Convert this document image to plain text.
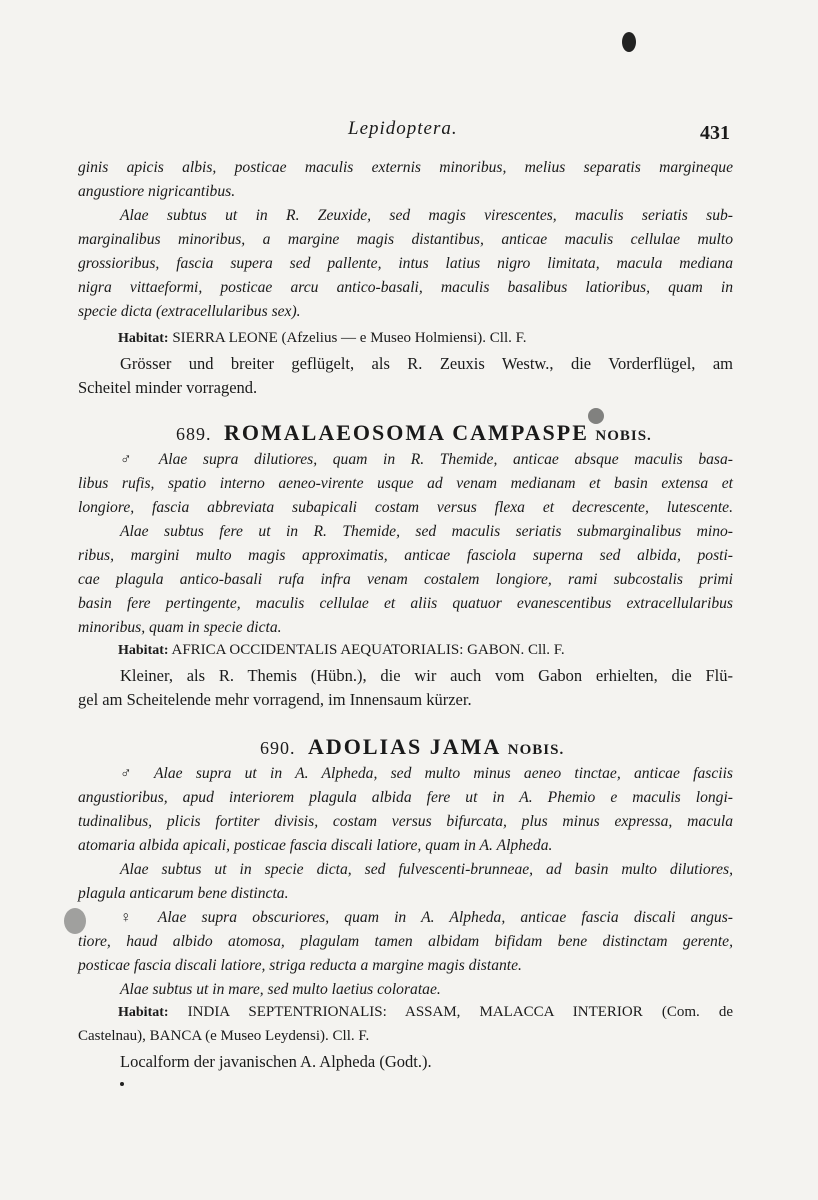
Lepidoptera.	431
ginis apicis albis, posticae maculis externis minoribus, melius separatis margineque
angustiore nigricantibus.
Alae subtus ut in R. Zeuxide, sed magis virescentes, maculis seriatis sub-
marginalibus minoribus, a margine magis distantibus, anticae maculis cellulae multo
grossioribus, fascia supera sed pallente, intus latius nigro limitata, macula mediana
nigra vittaeformi, posticae arcu antico-basali, maculis basalibus latioribus, quam in
specie dicta (extracellularibus sex).
Habitat: SIERRA LEONE (Afzelius — e Museo Holmiensi). Cll. F.
Grösser und breiter geflügelt, als R. Zeuxis Westw., die Vorderflügel, am
Scheitel minder vorragend.
689. ROMALAEOSOMA CAMPASPE NOBIS.
♂ Alae supra dilutiores, quam in R. Themide, anticae absque maculis basa-
libus rufis, spatio interno aeneo-virente usque ad venam medianam et basin extensa et
longiore, fascia abbreviata subapicali costam versus flexa et decrescente, lutescente.
Alae subtus fere ut in R. Themide, sed maculis seriatis submarginalibus mino-
ribus, margini multo magis approximatis, anticae fasciola superna sed albida, posti-
cae plagula antico-basali rufa infra venam costalem longiore, rami subcostalis primi
basin fere pertingente, maculis cellulae et aliis quatuor evanescentibus extracellularibus
minoribus, quam in specie dicta.
Habitat: AFRICA OCCIDENTALIS AEQUATORIALIS: GABON. Cll. F.
Kleiner, als R. Themis (Hübn.), die wir auch vom Gabon erhielten, die Flü-
gel am Scheitelende mehr vorragend, im Innensaum kürzer.
690. ADOLIAS JAMA NOBIS.
♂ Alae supra ut in A. Alpheda, sed multo minus aeneo tinctae, anticae fasciis
angustioribus, apud interiorem plagula albida fere ut in A. Phemio e maculis longi-
tudinalibus, plicis fortiter divisis, costam versus bifurcata, plus minus expressa, macula
atomaria albida apicali, posticae fascia discali latiore, quam in A. Alpheda.
Alae subtus ut in specie dicta, sed fulvescenti-brunneae, ad basin multo dilutiores,
plagula anticarum bene distincta.
♀ Alae supra obscuriores, quam in A. Alpheda, anticae fascia discali angus-
tiore, haud albido atomosa, plagulam tamen albidam bifidam bene distinctam gerente,
posticae fascia discali latiore, striga reducta a margine magis distante.
Alae subtus ut in mare, sed multo laetius coloratae.
Habitat: INDIA SEPTENTRIONALIS: ASSAM, MALACCA INTERIOR (Com. de
Castelnau), BANCA (e Museo Leydensi). Cll. F.
Localform der javanischen A. Alpheda (Godt.).
